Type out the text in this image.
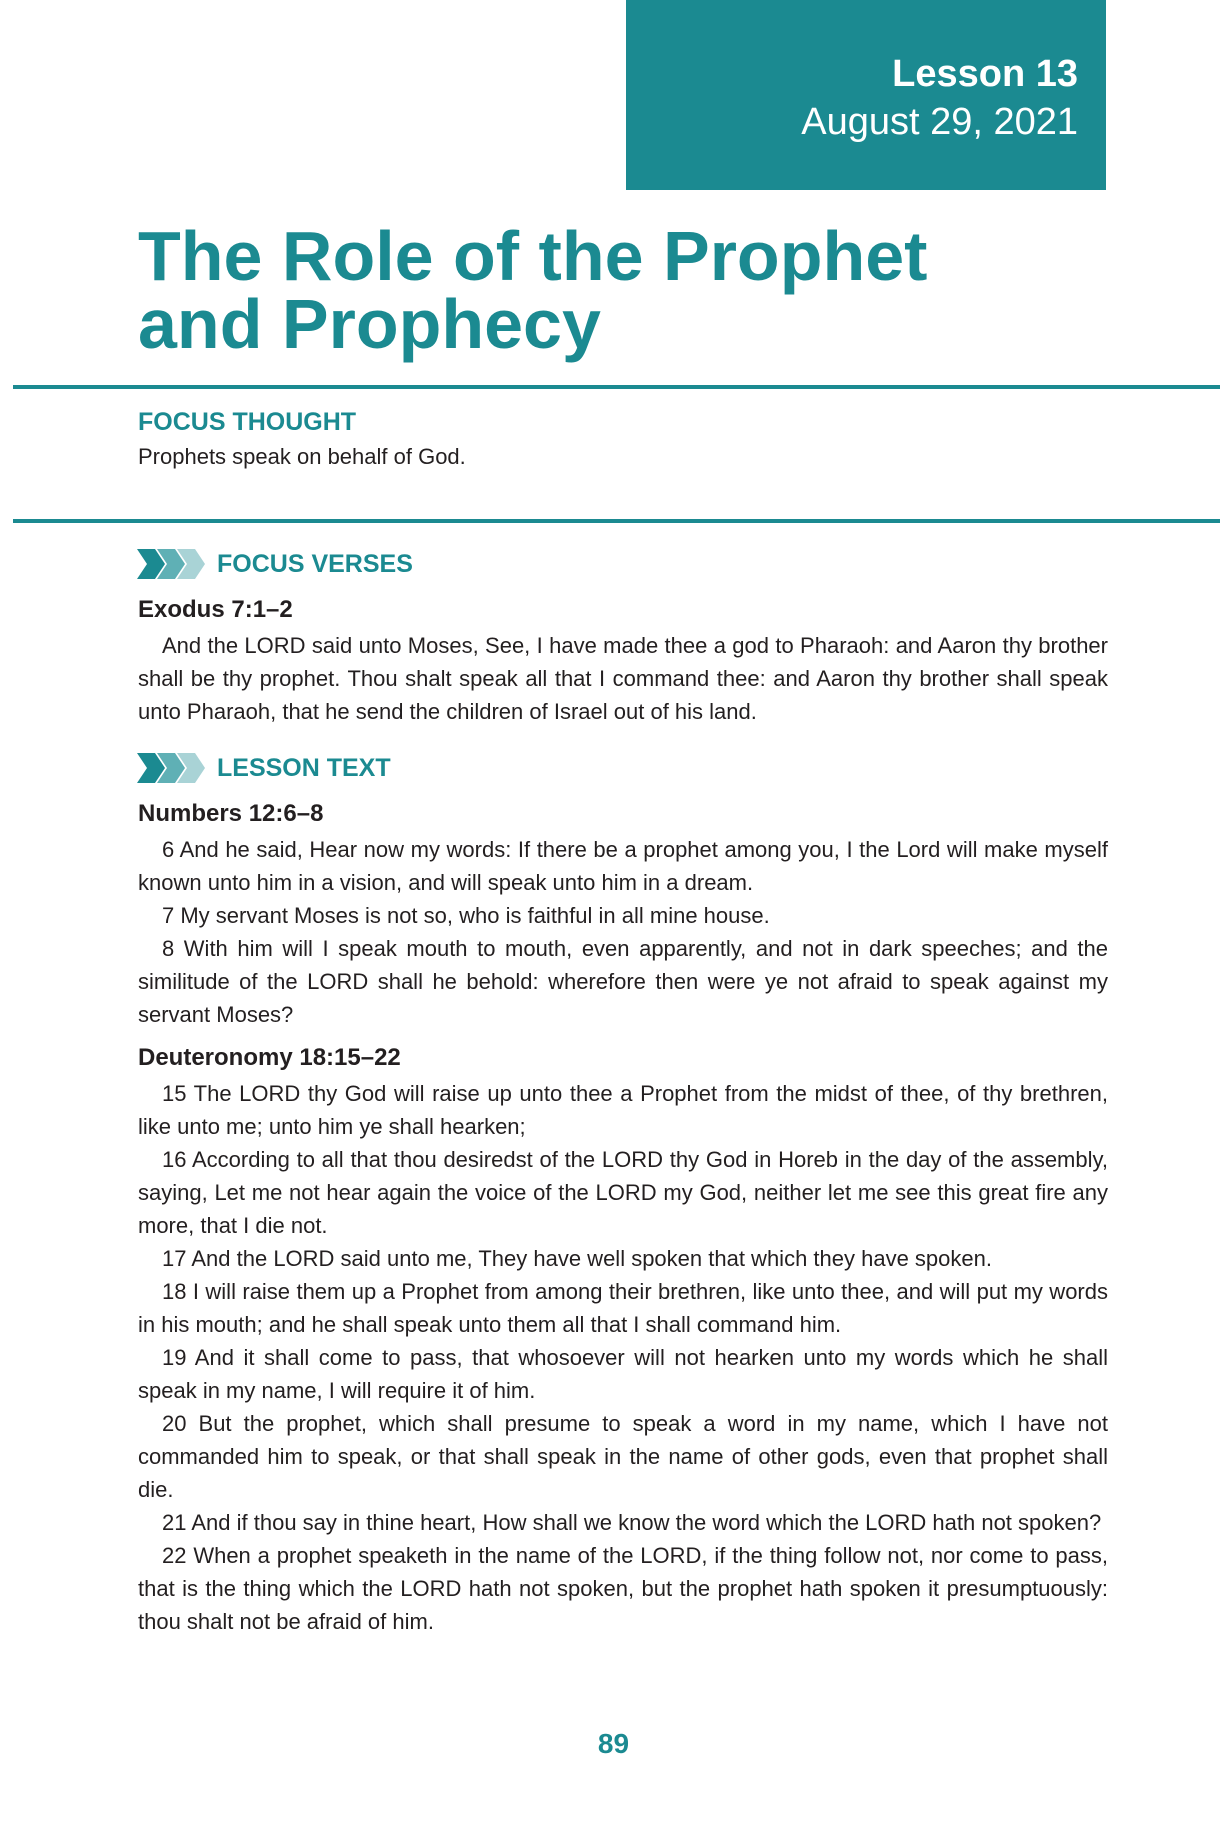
Lesson 13
August 29, 2021
The Role of the Prophet
and Prophecy
FOCUS THOUGHT
Prophets speak on behalf of God.
FOCUS VERSES
Exodus 7:1–2

And the LORD said unto Moses, See, I have made thee a god to Pharaoh: and Aaron thy brother shall be thy prophet. Thou shalt speak all that I command thee: and Aaron thy brother shall speak unto Pharaoh, that he send the children of Israel out of his land.

LESSON TEXT
Numbers 12:6–8

6 And he said, Hear now my words: If there be a prophet among you, I the Lord will make myself known unto him in a vision, and will speak unto him in a dream.

7 My servant Moses is not so, who is faithful in all mine house.

8 With him will I speak mouth to mouth, even apparently, and not in dark speeches; and the similitude of the LORD shall he behold: wherefore then were ye not afraid to speak against my servant Moses?

Deuteronomy 18:15–22

15 The LORD thy God will raise up unto thee a Prophet from the midst of thee, of thy brethren, like unto me; unto him ye shall hearken;

16 According to all that thou desiredst of the LORD thy God in Horeb in the day of the assembly, saying, Let me not hear again the voice of the LORD my God, neither let me see this great fire any more, that I die not.

17 And the LORD said unto me, They have well spoken that which they have spoken.

18 I will raise them up a Prophet from among their brethren, like unto thee, and will put my words in his mouth; and he shall speak unto them all that I shall command him.

19 And it shall come to pass, that whosoever will not hearken unto my words which he shall speak in my name, I will require it of him.

20 But the prophet, which shall presume to speak a word in my name, which I have not commanded him to speak, or that shall speak in the name of other gods, even that prophet shall die.

21 And if thou say in thine heart, How shall we know the word which the LORD hath not spoken?

22 When a prophet speaketh in the name of the LORD, if the thing follow not, nor come to pass, that is the thing which the LORD hath not spoken, but the prophet hath spoken it presumptuously: thou shalt not be afraid of him.

89
